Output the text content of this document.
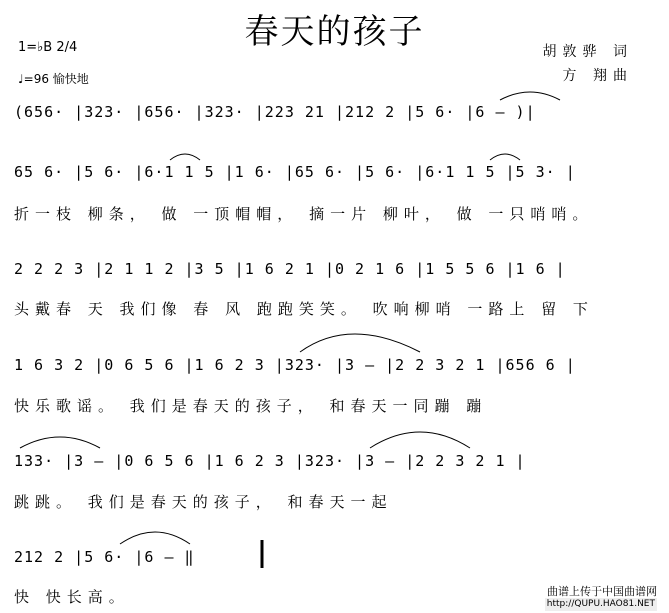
春天的孩子
1=♭B 2/4
♩=96 愉快地
胡敦骅 词
方 翔曲
(656· |323· |656· |323· |223 21 |212 2 |5 6· |6 – )|
65 6· |5 6· |6·1 1 5 |1 6· |65 6· |5 6· |6·1 1 5 |5 3· |
折一枝 柳条， 做 一顶帽帽， 摘一片 柳叶， 做 一只哨哨。
2 2 2 3 |2 1 1 2 |3 5 |1 6 2 1 |0 2 1 6 |1 5 5 6 |1 6 |
头戴春 天 我们像 春 风 跑跑笑笑。 吹响柳哨 一路上 留 下
1 6 3 2 |0 6 5 6 |1 6 2 3 |323· |3 – |2 2 3 2 1 |656 6 |
快乐歌谣。 我们是春天的孩子， 和春天一同蹦 蹦
133· |3 – |0 6 5 6 |1 6 2 3 |323· |3 – |2 2 3 2 1 |
跳跳。 我们是春天的孩子， 和春天一起
212 2 |5 6· |6 – ‖
快 快长高。	曲谱上传于中国曲谱网
http://QUPU.HAO81.NET
